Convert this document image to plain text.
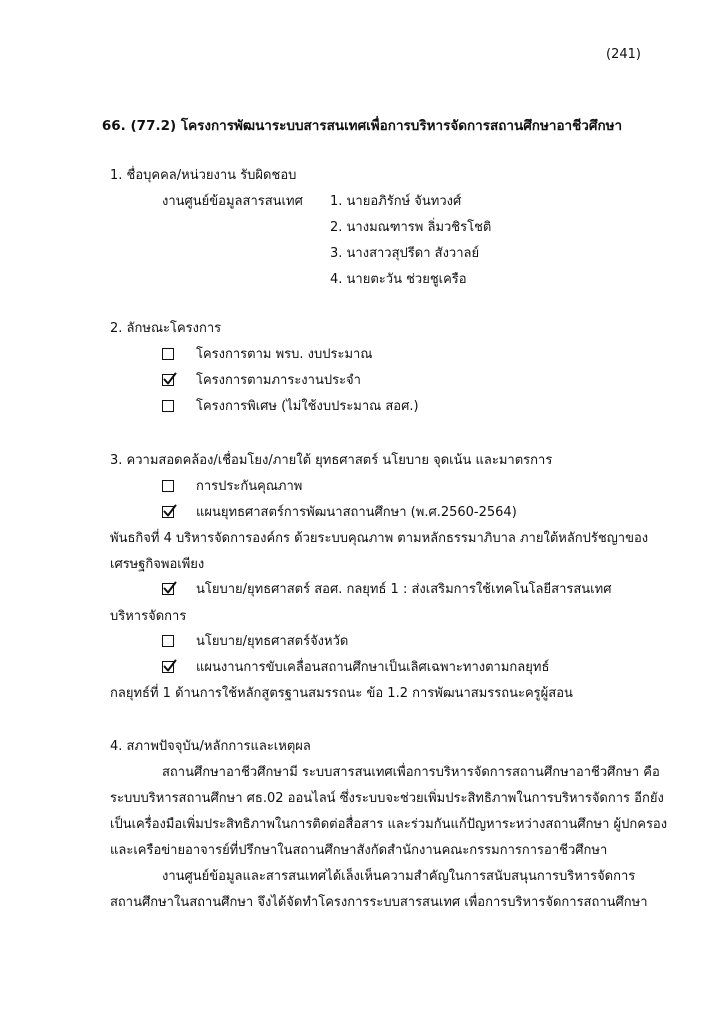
(241)
66. (77.2) โครงการพัฒนาระบบสารสนเทศเพื่อการบริหารจัดการสถานศึกษาอาชีวศึกษา
1. ชื่อบุคคล/หน่วยงาน รับผิดชอบ
งานศูนย์ข้อมูลสารสนเทศ 1. นายอภิรักษ์ จันทวงศ์
2. นางมณฑารพ ลิ่มวชิรโชติ
3. นางสาวสุปรีดา สังวาลย์
4. นายตะวัน ช่วยชูเครือ
2. ลักษณะโครงการ
โครงการตาม พรบ. งบประมาณ
โครงการตามภาระงานประจำ
โครงการพิเศษ (ไม่ใช้งบประมาณ สอศ.)
3. ความสอดคล้อง/เชื่อมโยง/ภายใต้ ยุทธศาสตร์ นโยบาย จุดเน้น และมาตรการ
การประกันคุณภาพ
แผนยุทธศาสตร์การพัฒนาสถานศึกษา (พ.ศ.2560-2564)
พันธกิจที่ 4 บริหารจัดการองค์กร ด้วยระบบคุณภาพ ตามหลักธรรมาภิบาล ภายใต้หลักปรัชญาของ
เศรษฐกิจพอเพียง
นโยบาย/ยุทธศาสตร์ สอศ. กลยุทธ์ 1 : ส่งเสริมการใช้เทคโนโลยีสารสนเทศ
บริหารจัดการ
นโยบาย/ยุทธศาสตร์จังหวัด
แผนงานการขับเคลื่อนสถานศึกษาเป็นเลิศเฉพาะทางตามกลยุทธ์
กลยุทธ์ที่ 1 ด้านการใช้หลักสูตรฐานสมรรถนะ ข้อ 1.2 การพัฒนาสมรรถนะครูผู้สอน
4. สภาพปัจจุบัน/หลักการและเหตุผล
สถานศึกษาอาชีวศึกษามี ระบบสารสนเทศเพื่อการบริหารจัดการสถานศึกษาอาชีวศึกษา คือ
ระบบบริหารสถานศึกษา ศธ.02 ออนไลน์ ซึ่งระบบจะช่วยเพิ่มประสิทธิภาพในการบริหารจัดการ อีกยัง
เป็นเครื่องมือเพิ่มประสิทธิภาพในการติดต่อสื่อสาร และร่วมกันแก้ปัญหาระหว่างสถานศึกษา ผู้ปกครอง
และเครือข่ายอาจารย์ที่ปรึกษาในสถานศึกษาสังกัดสำนักงานคณะกรรมการการอาชีวศึกษา
งานศูนย์ข้อมูลและสารสนเทศได้เล็งเห็นความสำคัญในการสนับสนุนการบริหารจัดการ
สถานศึกษาในสถานศึกษา จึงได้จัดทำโครงการระบบสารสนเทศ เพื่อการบริหารจัดการสถานศึกษา
